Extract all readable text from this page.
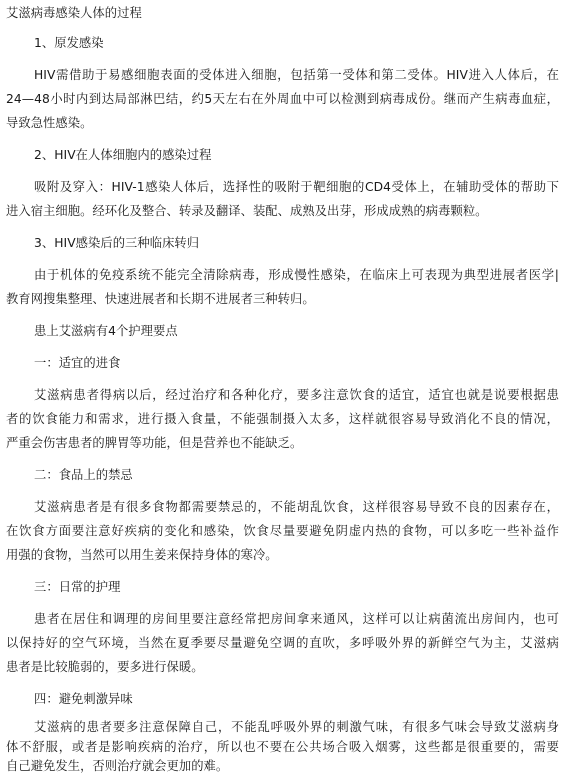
艾滋病毒感染人体的过程
1、原发感染
HIV需借助于易感细胞表面的受体进入细胞，包括第一受体和第二受体。HIV进入人体后，在
24—48小时内到达局部淋巴结，约5天左右在外周血中可以检测到病毒成份。继而产生病毒血症，
导致急性感染。
2、HIV在人体细胞内的感染过程
吸附及穿入：HIV-1感染人体后，选择性的吸附于靶细胞的CD4受体上，在辅助受体的帮助下
进入宿主细胞。经环化及整合、转录及翻译、装配、成熟及出芽，形成成熟的病毒颗粒。
3、HIV感染后的三种临床转归
由于机体的免疫系统不能完全清除病毒，形成慢性感染，在临床上可表现为典型进展者医学|
教育网搜集整理、快速进展者和长期不进展者三种转归。
患上艾滋病有4个护理要点
一：适宜的进食
艾滋病患者得病以后，经过治疗和各种化疗，要多注意饮食的适宜，适宜也就是说要根据患
者的饮食能力和需求，进行摄入食量，不能强制摄入太多，这样就很容易导致消化不良的情况，
严重会伤害患者的脾胃等功能，但是营养也不能缺乏。
二：食品上的禁忌
艾滋病患者是有很多食物都需要禁忌的，不能胡乱饮食，这样很容易导致不良的因素存在，
在饮食方面要注意好疾病的变化和感染，饮食尽量要避免阴虚内热的食物，可以多吃一些补益作
用强的食物，当然可以用生姜来保持身体的寒冷。
三：日常的护理
患者在居住和调理的房间里要注意经常把房间拿来通风，这样可以让病菌流出房间内，也可
以保持好的空气环境，当然在夏季要尽量避免空调的直吹，多呼吸外界的新鲜空气为主，艾滋病
患者是比较脆弱的，要多进行保暖。
四：避免刺激异味
艾滋病的患者要多注意保障自己，不能乱呼吸外界的刺激气味，有很多气味会导致艾滋病身
体不舒服，或者是影响疾病的治疗，所以也不要在公共场合吸入烟雾，这些都是很重要的，需要
自己避免发生，否则治疗就会更加的难。
